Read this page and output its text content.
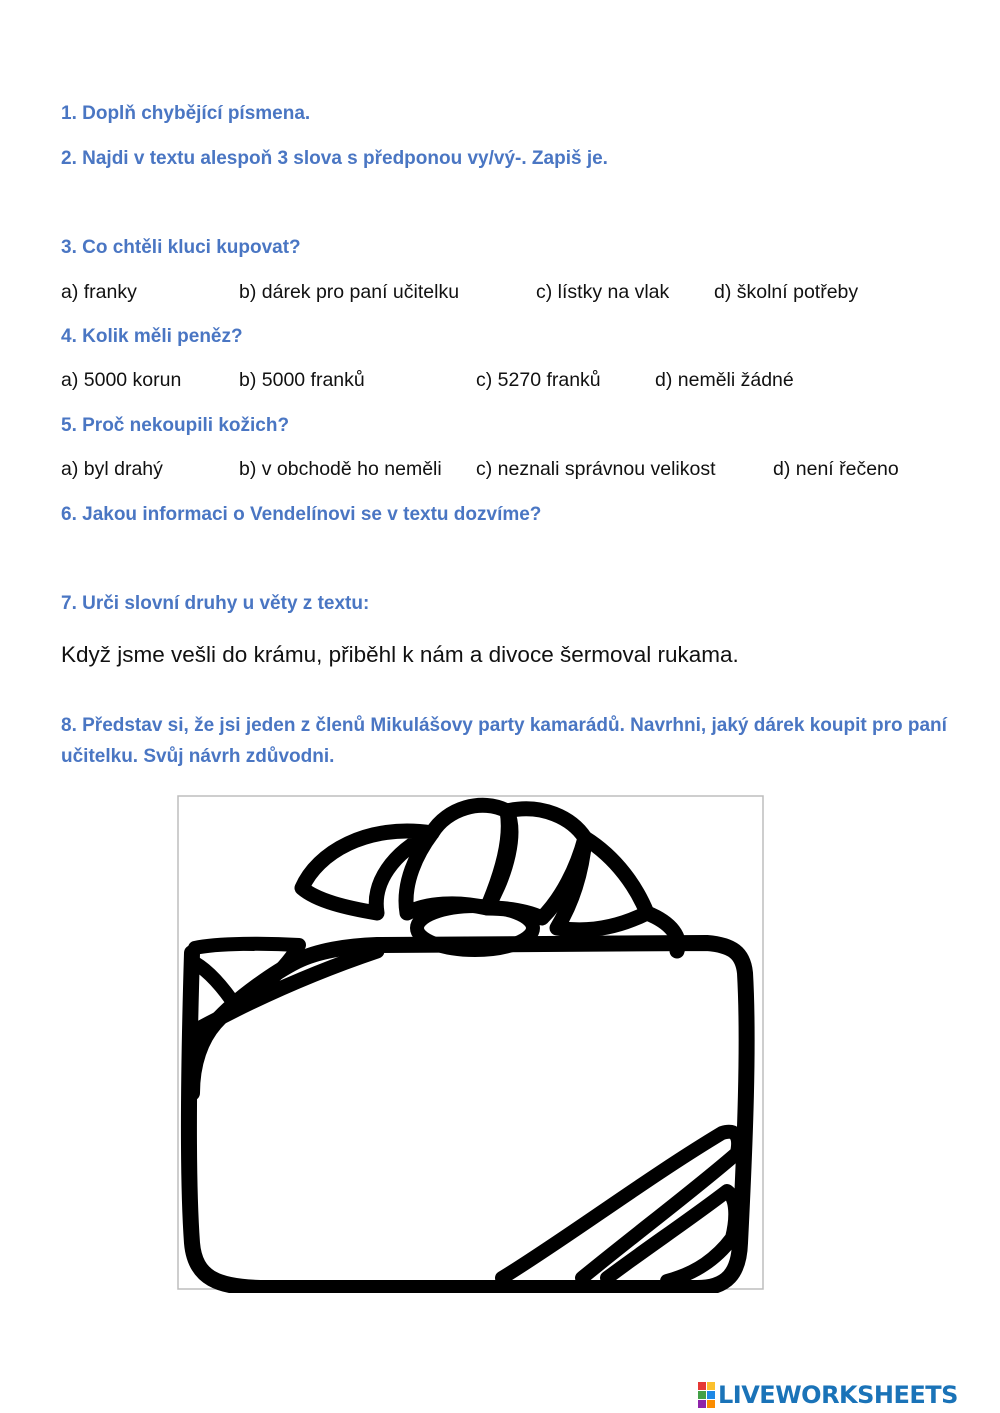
1. Doplň chybějící písmena.

2. Najdi v textu alespoň 3 slova s předponou vy/vý-. Zapiš je.

3. Co chtěli kluci kupovat?

a) franky	b) dárek pro paní učitelku	c) lístky na vlak d) školní potřeby

4. Kolik měli peněz?

a) 5000 korun	b) 5000 franků	c) 5270 franků	d) neměli žádné

5. Proč nekoupili kožich?

a) byl drahý	b) v obchodě ho neměli c) neznali správnou velikost	d) není řečeno

6. Jakou informaci o Vendelínovi se v textu dozvíme?

7. Urči slovní druhy u věty z textu:

Když jsme vešli do krámu, přiběhl k nám a divoce šermoval rukama.

8. Představ si, že jsi jeden z členů Mikulášovy party kamarádů. Navrhni, jaký dárek koupit pro paní učitelku. Svůj návrh zdůvodni.

LIVEWORKSHEETS
